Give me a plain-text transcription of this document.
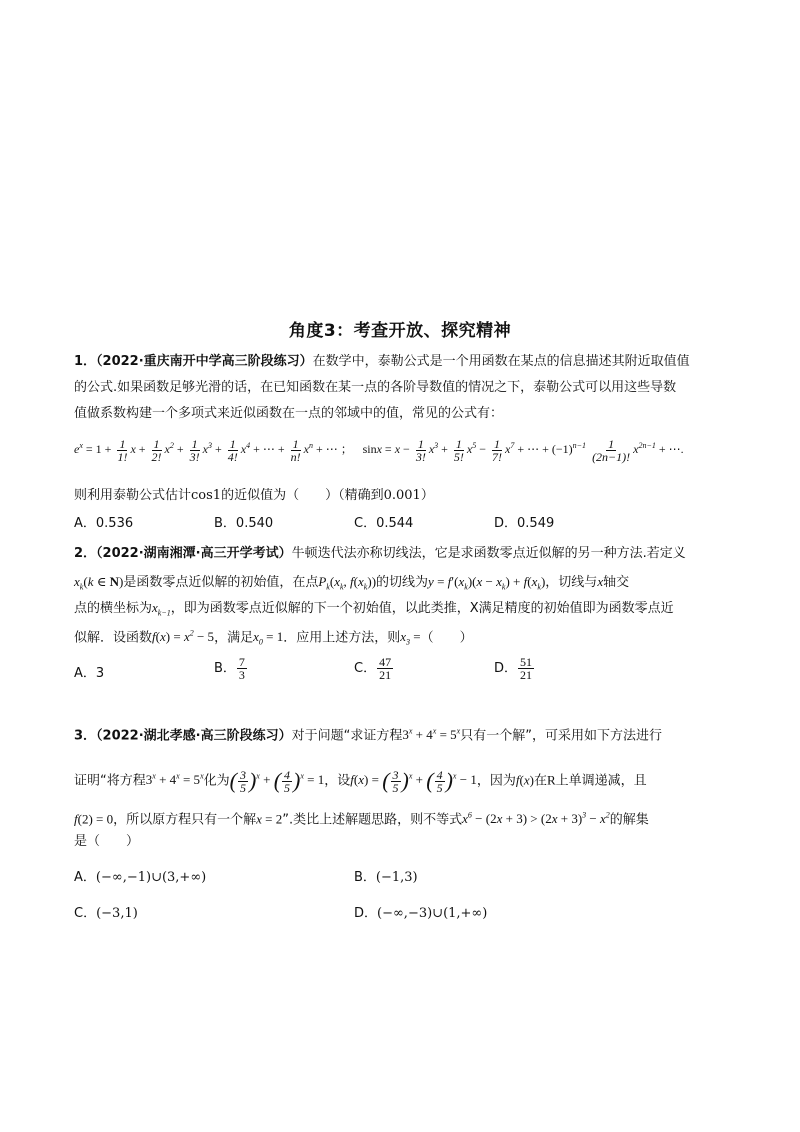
角度3：考查开放、探究精神
1．（2022·重庆南开中学高三阶段练习）在数学中，泰勒公式是一个用函数在某点的信息描述其附近取值值
的公式.如果函数足够光滑的话，在已知函数在某一点的各阶导数值的情况之下，泰勒公式可以用这些导数
值做系数构建一个多项式来近似函数在一点的邻域中的值，常见的公式有：
$e^x = 1 + \frac{1}{1!}$ $x + \frac{1}{2!} x^2 + \frac{1}{3!} x^3 + \frac{1}{4!} x^4$ + ⋯ + $\frac{1}{n!} x^n$ + ⋯ ； $\sin x = x - \frac{1}{3!} x^3 + \frac{1}{5!} x^5 - \frac{1}{7!} x^7$ + ⋯ + $(-1)^{n-1} \frac{1}{(2n-1)!} x^{2n-1}$ + ⋯.
则利用泰勒公式估计cos1的近似值为（　　）（精确到0.001）
A．0.536	B．0.540	C．0.544	D．0.549
2．（2022·湖南湘潭·高三开学考试）牛顿迭代法亦称切线法，它是求函数零点近似解的另一种方法.若定义
$x_k(k$ ∈ N)是函数零点近似解的初始值，在点$P_k(x_k$, $f(x_k)$)的切线为$y = f'(x_k)(x - x_k) + f(x_k)$，切线与x轴交
点的横坐标为$x_{k-1}$，即为函数零点近似解的下一个初始值，以此类推，X满足精度的初始值即为函数零点近
似解．设函数$f(x) = x^2 - 5$，满足$x_0 = 1$．应用上述方法，则$x_3$ =（　　）
A．3	B． $\frac{7}{3}$	C． $\frac{47}{21}$	D． $\frac{51}{21}$
3．（2022·湖北孝感·高三阶段练习）对于问题“求证方程$3^x + 4^x = 5^x$只有一个解”，可采用如下方法进行
证明“将方程$3^x + 4^x = 5^x$化为( $\frac{3}{5} )^x$ + ( $\frac{4}{5} )^x = 1$，设f(x) = ( $\frac{3}{5} )^x$ + ( $\frac{4}{5} )^x - 1$，因为f(x)在R上单调递减，且
f(2) = 0，所以原方程只有一个解x = 2”.类比上述解题思路，则不等式$x^6 - (2x + 3) > (2x + 3)^3 - x^2$的解集
是（　　）
A．(−∞,−1)∪(3,+∞)	B．(−1,3)
C．(−3,1)	D．(−∞,−3)∪(1,+∞)
